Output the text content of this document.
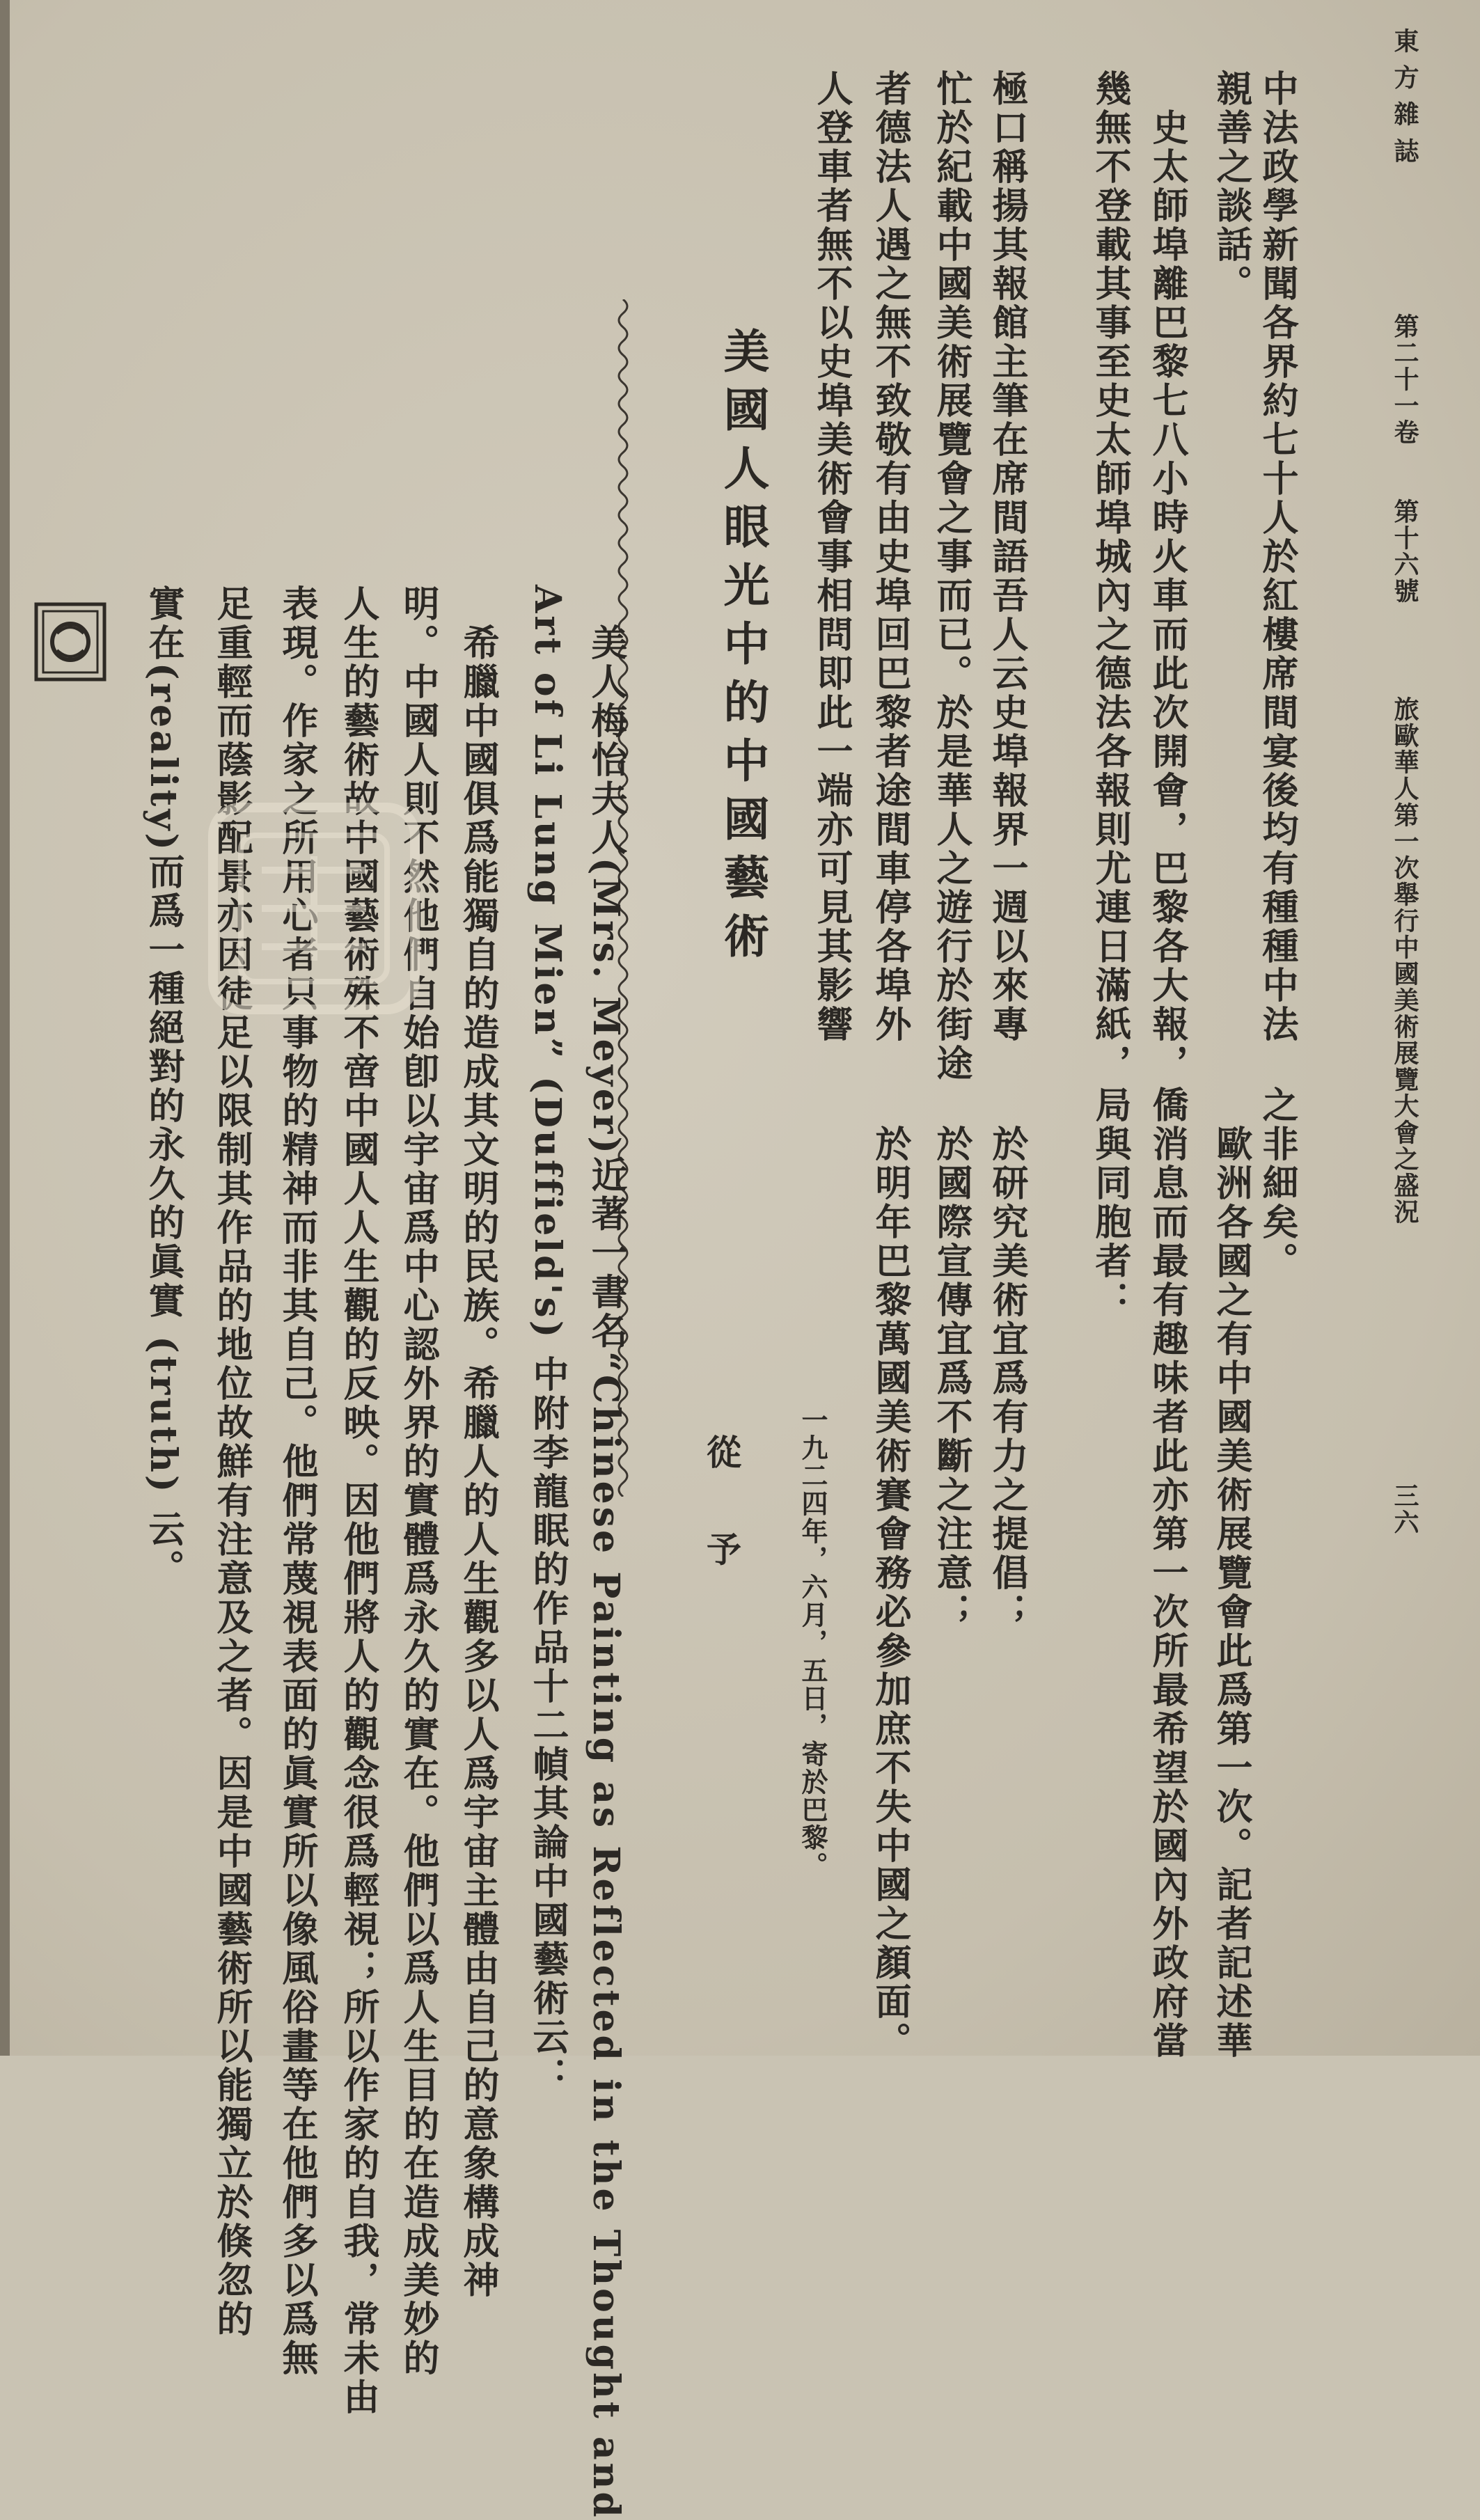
東 方 雜 誌
第二十一卷　　第十六號
旅歐華人第一次舉行中國美術展覽大會之盛況
三六
中法政學新聞各界約七十人於紅樓席間宴後均有種種中法
親善之談話。
　史太師埠離巴黎七八小時火車而此次開會，巴黎各大報，
幾無不登載其事至史太師埠城內之德法各報則尤連日滿紙，
極口稱揚其報館主筆在席間語吾人云史埠報界一週以來專
忙於紀載中國美術展覽會之事而已。於是華人之遊行於街途
者德法人遇之無不致敬有由史埠回巴黎者途間車停各埠外
人登車者無不以史埠美術會事相問即此一端亦可見其影響
之非細矣。
　歐洲各國之有中國美術展覽會此爲第一次。記者記述華
僑消息而最有趣味者此亦第一次所最希望於國內外政府當
局與同胞者：
　於研究美術宜爲有力之提倡；
　於國際宣傳宜爲不斷之注意；
　於明年巴黎萬國美術賽會務必參加庶不失中國之顏面。
一九二四年，六月，五日，寄於巴黎。
美國人眼光中的中國藝術
從 予
　美人梅怡夫人(Mrs. Meyer)近著一書名“Chinese Painting as Reflected in the Thought and
Art of Li Lung Mien” (Duffield's) 中附李龍眠的作品十二幀其論中國藝術云：
　希臘中國俱爲能獨自的造成其文明的民族。希臘人的人生觀多以人爲宇宙主體由自己的意象構成神
明。中國人則不然他們自始卽以宇宙爲中心認外界的實體爲永久的實在。他們以爲人生目的在造成美妙的
人生的藝術故中國藝術殊不啻中國人人生觀的反映。因他們將人的觀念很爲輕視；所以作家的自我，常未由
表現。作家之所用心者只事物的精神而非其自己。他們常蔑視表面的眞實所以像風俗畫等在他們多以爲無
足重輕而蔭影配景亦因徒足以限制其作品的地位故鮮有注意及之者。因是中國藝術所以能獨立於倏忽的
實在(reality)而爲一種絕對的永久的眞實 (truth) 云。
